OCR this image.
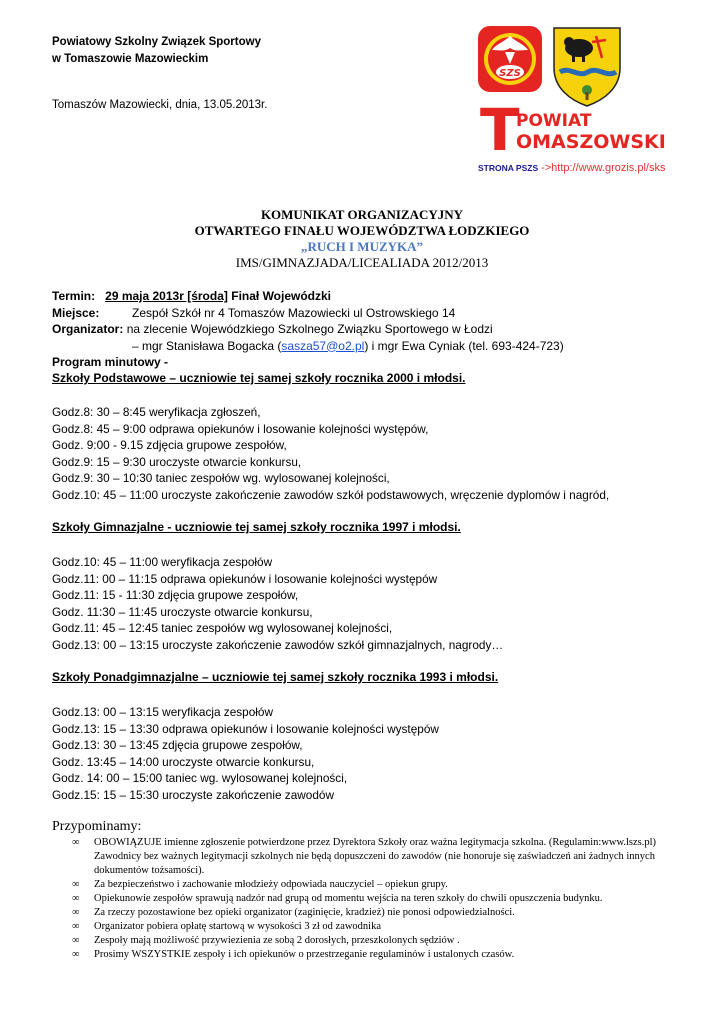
Powiatowy Szkolny Związek Sportowy
w Tomaszowie Mazowieckim
Tomaszów Mazowiecki, dnia, 13.05.2013r.
SZS
T
POWIAT
OMASZOWSKI
STRONA PSZS ->http://www.grozis.pl/sks
KOMUNIKAT ORGANIZACYJNY
OTWARTEGO FINAŁU WOJEWÓDZTWA ŁODZKIEGO
„RUCH I MUZYKA”
IMS/GIMNAZJADA/LICEALIADA 2012/2013
Termin: 29 maja 2013r [środa] Finał Wojewódzki
Miejsce:	Zespół Szkół nr 4 Tomaszów Mazowiecki ul Ostrowskiego 14
Organizator: na zlecenie Wojewódzkiego Szkolnego Związku Sportowego w Łodzi
– mgr Stanisława Bogacka (sasza57@o2.pl) i mgr Ewa Cyniak (tel. 693-424-723)
Program minutowy -
Szkoły Podstawowe – uczniowie tej samej szkoły rocznika 2000 i młodsi.
Godz.8: 30 – 8:45 weryfikacja zgłoszeń,
Godz.8: 45 – 9:00 odprawa opiekunów i losowanie kolejności występów,
Godz. 9:00 - 9.15 zdjęcia grupowe zespołów,
Godz.9: 15 – 9:30 uroczyste otwarcie konkursu,
Godz.9: 30 – 10:30 taniec zespołów wg. wylosowanej kolejności,
Godz.10: 45 – 11:00 uroczyste zakończenie zawodów szkół podstawowych, wręczenie dyplomów i nagród,
Szkoły Gimnazjalne - uczniowie tej samej szkoły rocznika 1997 i młodsi.
Godz.10: 45 – 11:00 weryfikacja zespołów
Godz.11: 00 – 11:15 odprawa opiekunów i losowanie kolejności występów
Godz.11: 15 - 11:30 zdjęcia grupowe zespołów,
Godz. 11:30 – 11:45 uroczyste otwarcie konkursu,
Godz.11: 45 – 12:45 taniec zespołów wg wylosowanej kolejności,
Godz.13: 00 – 13:15 uroczyste zakończenie zawodów szkół gimnazjalnych, nagrody…
Szkoły Ponadgimnazjalne – uczniowie tej samej szkoły rocznika 1993 i młodsi.
Godz.13: 00 – 13:15 weryfikacja zespołów
Godz.13: 15 – 13:30 odprawa opiekunów i losowanie kolejności występów
Godz.13: 30 – 13:45 zdjęcia grupowe zespołów,
Godz. 13:45 – 14:00 uroczyste otwarcie konkursu,
Godz. 14: 00 – 15:00 taniec wg. wylosowanej kolejności,
Godz.15: 15 – 15:30 uroczyste zakończenie zawodów
Przypominamy:
∞ OBOWIĄZUJE imienne zgłoszenie potwierdzone przez Dyrektora Szkoły oraz ważna legitymacja szkolna. (Regulamin:www.lszs.pl) Zawodnicy bez ważnych legitymacji szkolnych nie będą dopuszczeni do zawodów (nie honoruje się zaświadczeń ani żadnych innych dokumentów tożsamości).
∞ Za bezpieczeństwo i zachowanie młodzieży odpowiada nauczyciel – opiekun grupy.
∞ Opiekunowie zespołów sprawują nadzór nad grupą od momentu wejścia na teren szkoły do chwili opuszczenia budynku.
∞ Za rzeczy pozostawione bez opieki organizator (zaginięcie, kradzież) nie ponosi odpowiedzialności.
∞ Organizator pobiera opłatę startową w wysokości 3 zł od zawodnika
∞ Zespoły mają możliwość przywiezienia ze sobą 2 dorosłych, przeszkolonych sędziów .
∞ Prosimy WSZYSTKIE zespoły i ich opiekunów o przestrzeganie regulaminów i ustalonych czasów.
